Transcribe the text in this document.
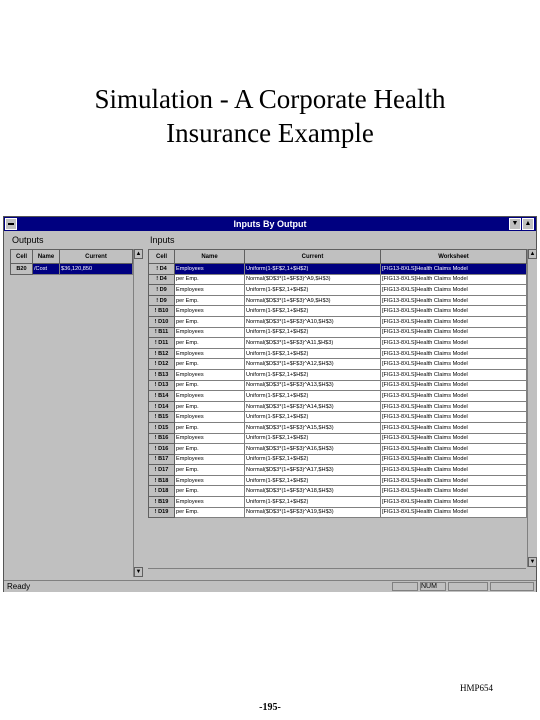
Simulation - A Corporate Health
Insurance Example
Inputs By Output	▼ ▲
Outputs
Cell	Name	Current
B20	/Cost	$36,120,850

▲
▼
Inputs
Cell	Name	Current	Worksheet
! D4	Employees	Uniform(1-$F$2,1+$H$2)	[FIG13-8XLS]Health Claims Model
! D4	per Emp.	Normal($D$3*(1+$F$3)^A9,$H$3)	[FIG13-8XLS]Health Claims Model
! D9	Employees	Uniform(1-$F$2,1+$H$2)	[FIG13-8XLS]Health Claims Model
! D9	per Emp.	Normal($D$3*(1+$F$3)^A9,$H$3)	[FIG13-8XLS]Health Claims Model
! B10	Employees	Uniform(1-$F$2,1+$H$2)	[FIG13-8XLS]Health Claims Model
! D10	per Emp.	Normal($D$3*(1+$F$3)^A10,$H$3)	[FIG13-8XLS]Health Claims Model
! B11	Employees	Uniform(1-$F$2,1+$H$2)	[FIG13-8XLS]Health Claims Model
! D11	per Emp.	Normal($D$3*(1+$F$3)^A11,$H$3)	[FIG13-8XLS]Health Claims Model
! B12	Employees	Uniform(1-$F$2,1+$H$2)	[FIG13-8XLS]Health Claims Model
! D12	per Emp.	Normal($D$3*(1+$F$3)^A12,$H$3)	[FIG13-8XLS]Health Claims Model
! B13	Employees	Uniform(1-$F$2,1+$H$2)	[FIG13-8XLS]Health Claims Model
! D13	per Emp.	Normal($D$3*(1+$F$3)^A13,$H$3)	[FIG13-8XLS]Health Claims Model
! B14	Employees	Uniform(1-$F$2,1+$H$2)	[FIG13-8XLS]Health Claims Model
! D14	per Emp.	Normal($D$3*(1+$F$3)^A14,$H$3)	[FIG13-8XLS]Health Claims Model
! B15	Employees	Uniform(1-$F$2,1+$H$2)	[FIG13-8XLS]Health Claims Model
! D15	per Emp.	Normal($D$3*(1+$F$3)^A15,$H$3)	[FIG13-8XLS]Health Claims Model
! B16	Employees	Uniform(1-$F$2,1+$H$2)	[FIG13-8XLS]Health Claims Model
! D16	per Emp.	Normal($D$3*(1+$F$3)^A16,$H$3)	[FIG13-8XLS]Health Claims Model
! B17	Employees	Uniform(1-$F$2,1+$H$2)	[FIG13-8XLS]Health Claims Model
! D17	per Emp.	Normal($D$3*(1+$F$3)^A17,$H$3)	[FIG13-8XLS]Health Claims Model
! B18	Employees	Uniform(1-$F$2,1+$H$2)	[FIG13-8XLS]Health Claims Model
! D18	per Emp.	Normal($D$3*(1+$F$3)^A18,$H$3)	[FIG13-8XLS]Health Claims Model
! B19	Employees	Uniform(1-$F$2,1+$H$2)	[FIG13-8XLS]Health Claims Model
! D19	per Emp.	Normal($D$3*(1+$F$3)^A19,$H$3)	[FIG13-8XLS]Health Claims Model
▲
▼
Ready	NUM
HMP654
-195-
